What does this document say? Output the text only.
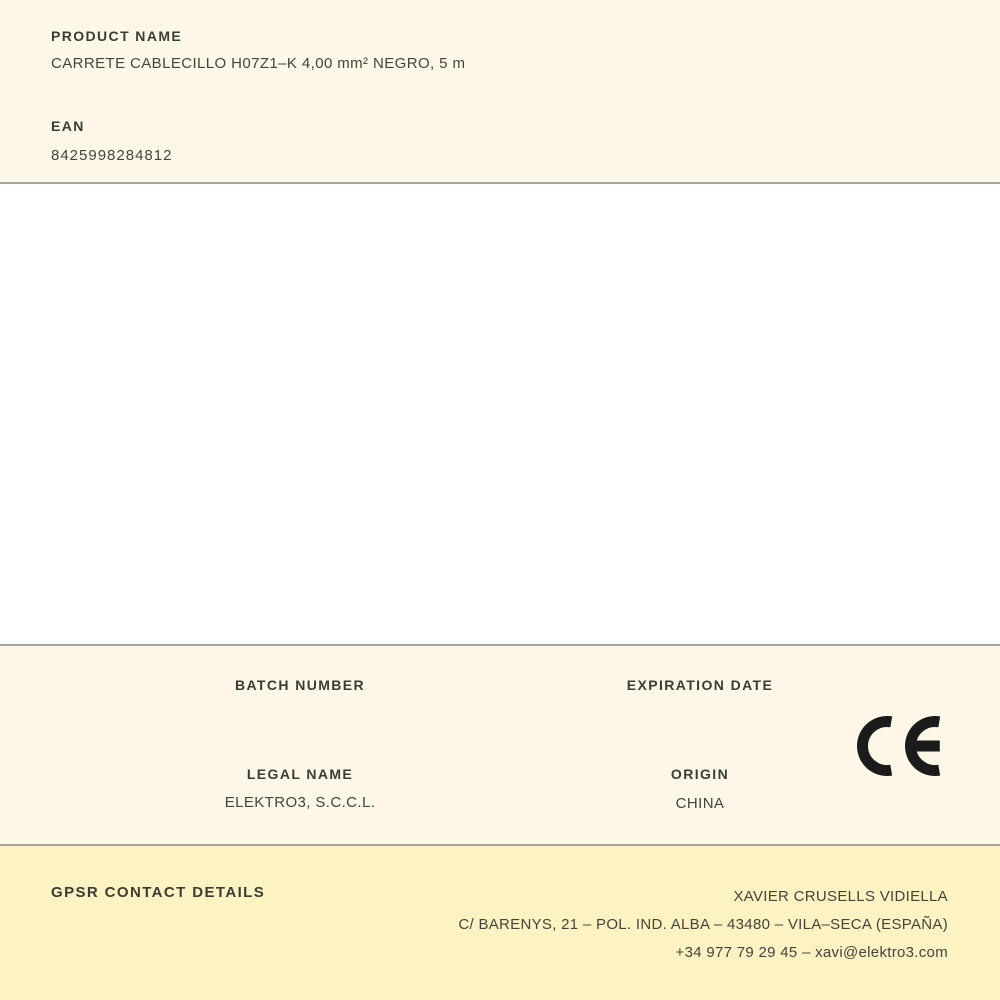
PRODUCT NAME
CARRETE CABLECILLO H07Z1–K 4,00 mm² NEGRO, 5 m
EAN
8425998284812
BATCH NUMBER	EXPIRATION DATE
LEGAL NAME
ELEKTRO3, S.C.C.L.
ORIGIN
CHINA
GPSR CONTACT DETAILS	XAVIER CRUSELLS VIDIELLA
C/ BARENYS, 21 – POL. IND. ALBA – 43480 – VILA–SECA (ESPAÑA)
+34 977 79 29 45 – xavi@elektro3.com
